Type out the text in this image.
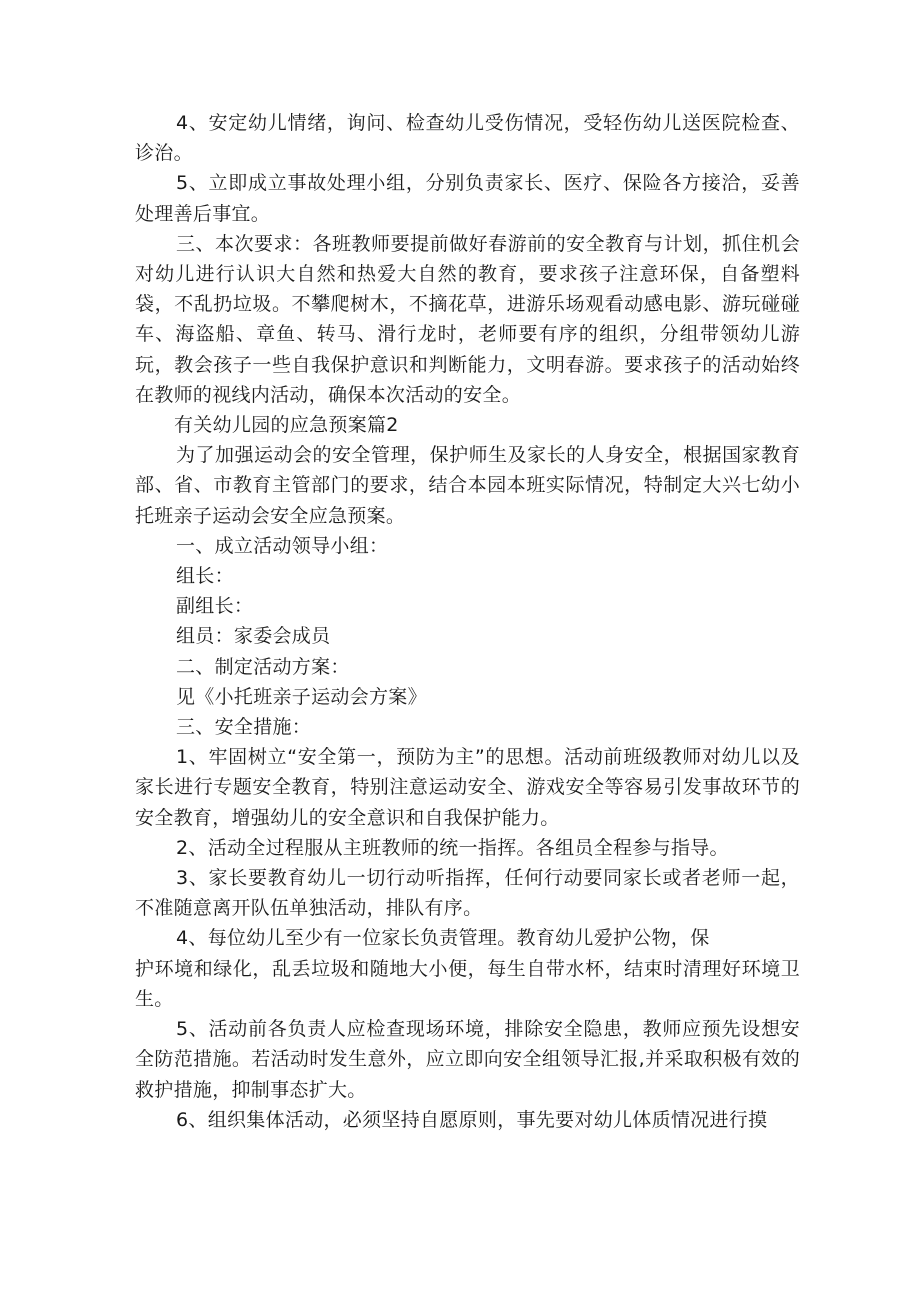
4、安定幼儿情绪，询问、检查幼儿受伤情况，受轻伤幼儿送医院检查、诊治。

5、立即成立事故处理小组，分别负责家长、医疗、保险各方接洽，妥善处理善后事宜。

三、本次要求：各班教师要提前做好春游前的安全教育与计划，抓住机会对幼儿进行认识大自然和热爱大自然的教育，要求孩子注意环保，自备塑料袋，不乱扔垃圾。不攀爬树木，不摘花草，进游乐场观看动感电影、游玩碰碰车、海盗船、章鱼、转马、滑行龙时，老师要有序的组织，分组带领幼儿游玩，教会孩子一些自我保护意识和判断能力，文明春游。要求孩子的活动始终在教师的视线内活动，确保本次活动的安全。

有关幼儿园的应急预案篇2

为了加强运动会的安全管理，保护师生及家长的人身安全，根据国家教育部、省、市教育主管部门的要求，结合本园本班实际情况，特制定大兴七幼小托班亲子运动会安全应急预案。

一、成立活动领导小组：

组长：

副组长：

组员：家委会成员

二、制定活动方案：

见《小托班亲子运动会方案》

三、安全措施：

1、牢固树立“安全第一，预防为主”的思想。活动前班级教师对幼儿以及家长进行专题安全教育，特别注意运动安全、游戏安全等容易引发事故环节的安全教育，增强幼儿的安全意识和自我保护能力。

2、活动全过程服从主班教师的统一指挥。各组员全程参与指导。

3、家长要教育幼儿一切行动听指挥，任何行动要同家长或者老师一起，不准随意离开队伍单独活动，排队有序。

4、每位幼儿至少有一位家长负责管理。教育幼儿爱护公物，保

护环境和绿化，乱丢垃圾和随地大小便，每生自带水杯，结束时清理好环境卫生。

5、活动前各负责人应检查现场环境，排除安全隐患，教师应预先设想安全防范措施。若活动时发生意外，应立即向安全组领导汇报,并采取积极有效的救护措施，抑制事态扩大。

6、组织集体活动，必须坚持自愿原则，事先要对幼儿体质情况进行摸
